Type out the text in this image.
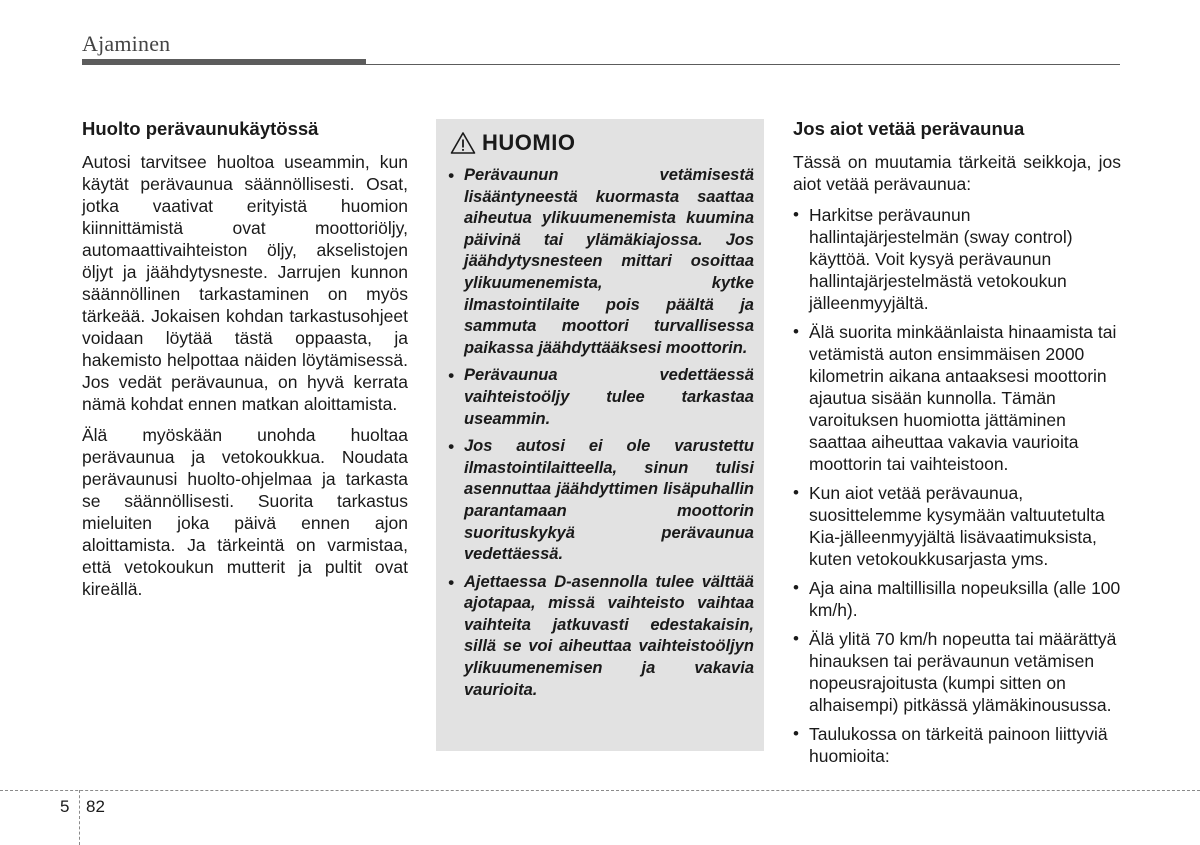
Ajaminen
Huolto perävaunukäytössä

Autosi tarvitsee huoltoa useammin, kun käytät perävaunua säännöllisesti. Osat, jotka vaativat erityistä huomion kiinnittämistä ovat moottoriöljy, automaattivaihteiston öljy, akselistojen öljyt ja jäähdytysneste. Jarrujen kunnon säännöllinen tarkastaminen on myös tärkeää. Jokaisen kohdan tarkastusohjeet voidaan löytää tästä oppaasta, ja hakemisto helpottaa näiden löytämisessä. Jos vedät perävaunua, on hyvä kerrata nämä kohdat ennen matkan aloittamista.

Älä myöskään unohda huoltaa perävaunua ja vetokoukkua. Noudata perävaunusi huolto-ohjelmaa ja tarkasta se säännöllisesti. Suorita tarkastus mieluiten joka päivä ennen ajon aloittamista. Ja tärkeintä on varmistaa, että vetokoukun mutterit ja pultit ovat kireällä.

HUOMIO
• Perävaunun vetämisestä lisääntyneestä kuormasta saattaa aiheutua ylikuumenemista kuumina päivinä tai ylämäkiajossa. Jos jäähdytysnesteen mittari osoittaa ylikuumenemista, kytke ilmastointilaite pois päältä ja sammuta moottori turvallisessa paikassa jäähdyttääksesi moottorin.
• Perävaunua vedettäessä vaihteistoöljy tulee tarkastaa useammin.
• Jos autosi ei ole varustettu ilmastointilaitteella, sinun tulisi asennuttaa jäähdyttimen lisäpuhallin parantamaan moottorin suorituskykyä perävaunua vedettäessä.
• Ajettaessa D-asennolla tulee välttää ajotapaa, missä vaihteisto vaihtaa vaihteita jatkuvasti edestakaisin, sillä se voi aiheuttaa vaihteistoöljyn ylikuumenemisen ja vakavia vaurioita.
Jos aiot vetää perävaunua

Tässä on muutamia tärkeitä seikkoja, jos aiot vetää perävaunua:

• Harkitse perävaunun hallintajärjestelmän (sway control) käyttöä. Voit kysyä perävaunun hallintajärjestelmästä vetokoukun jälleenmyyjältä.
• Älä suorita minkäänlaista hinaamista tai vetämistä auton ensimmäisen 2000 kilometrin aikana antaaksesi moottorin ajautua sisään kunnolla. Tämän varoituksen huomiotta jättäminen saattaa aiheuttaa vakavia vaurioita moottorin tai vaihteistoon.
• Kun aiot vetää perävaunua, suosittelemme kysymään valtuutetulta Kia-jälleenmyyjältä lisävaatimuksista, kuten vetokoukkusarjasta yms.
• Aja aina maltillisilla nopeuksilla (alle 100 km/h).
• Älä ylitä 70 km/h nopeutta tai määrättyä hinauksen tai perävaunun vetämisen nopeusrajoitusta (kumpi sitten on alhaisempi) pitkässä ylämäkinousussa.
• Taulukossa on tärkeitä painoon liittyviä huomioita:
5 82
